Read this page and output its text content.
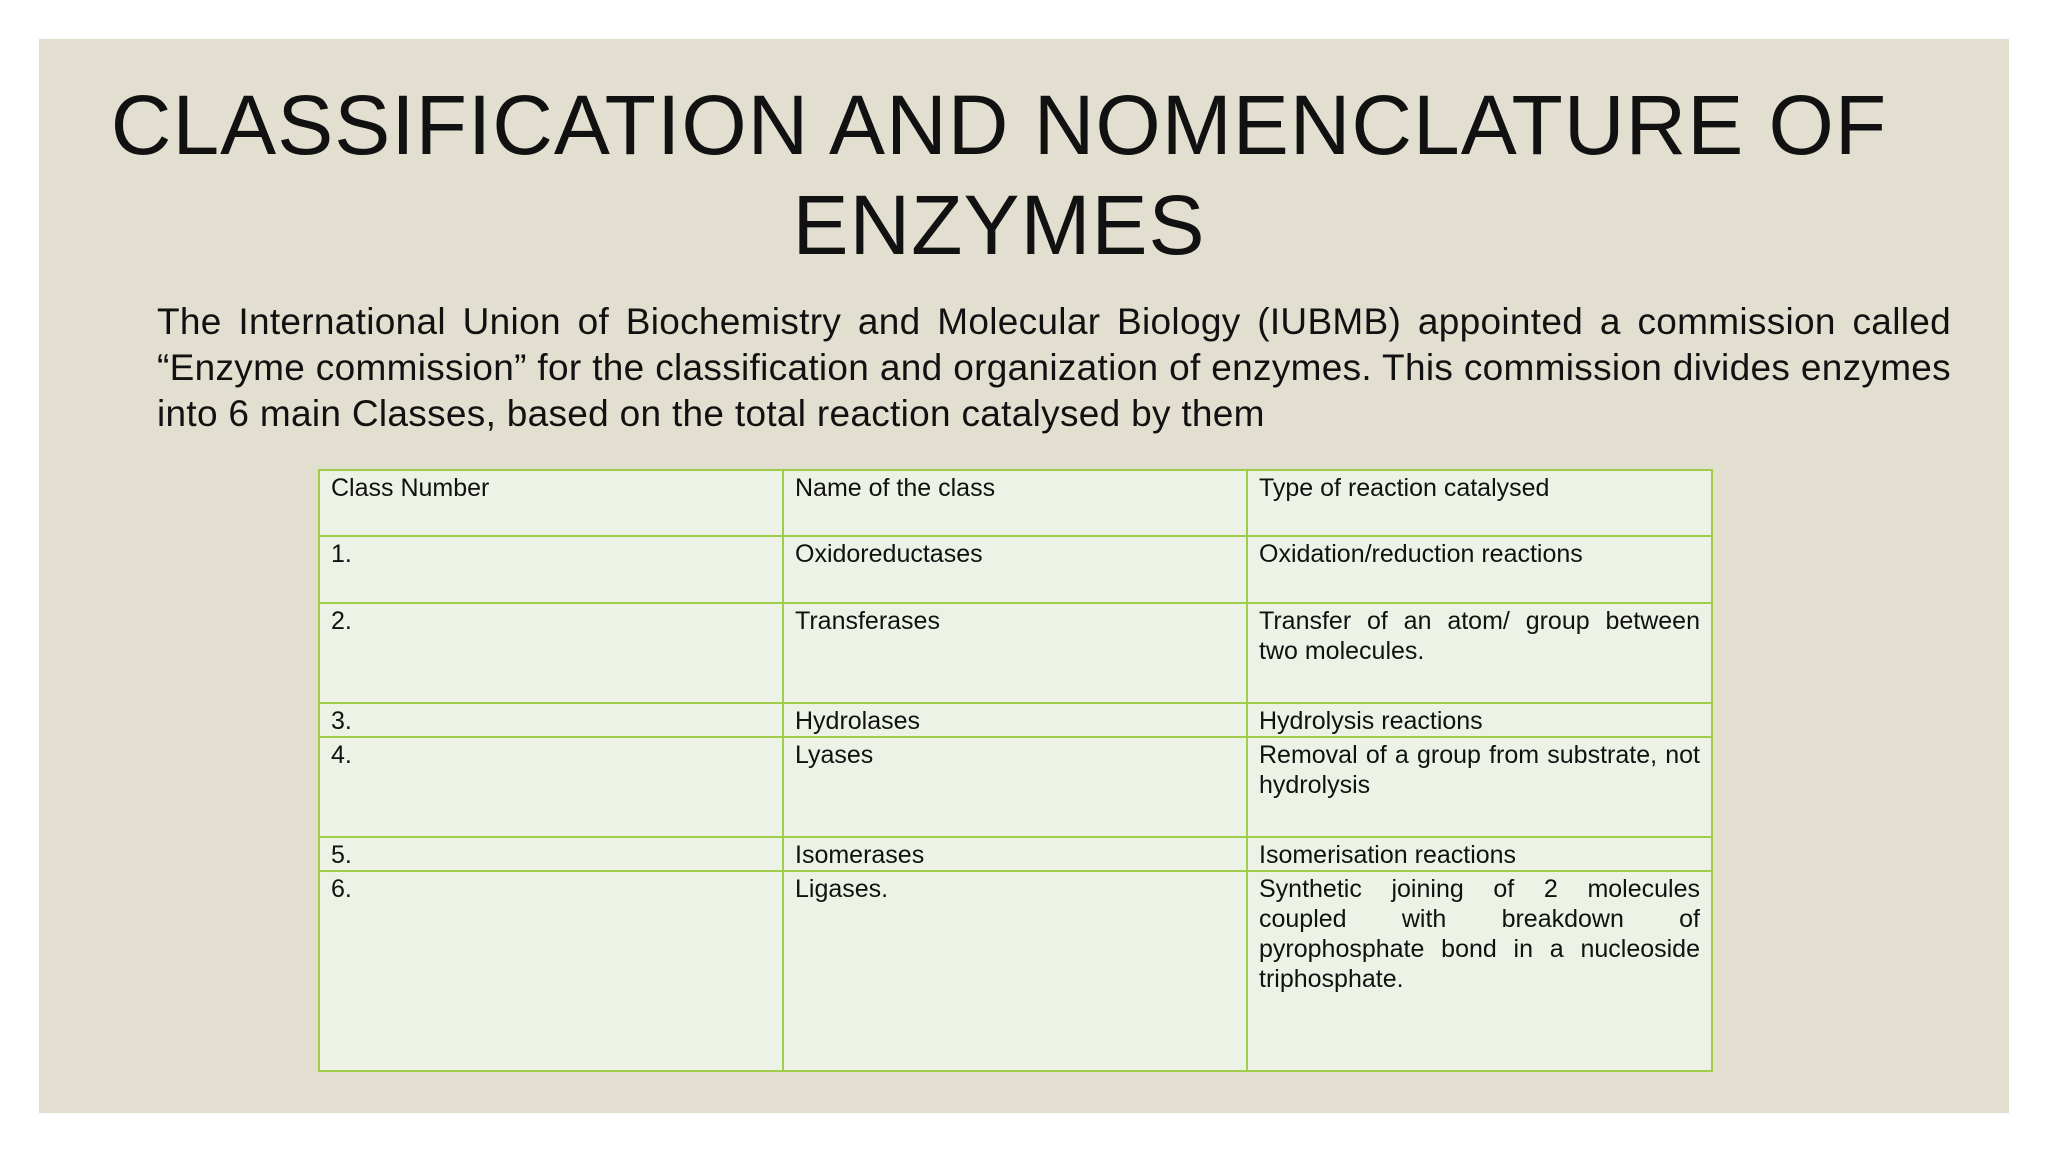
CLASSIFICATION AND NOMENCLATURE OF ENZYMES

The International Union of Biochemistry and Molecular Biology (IUBMB) appointed a commission called “Enzyme commission” for the classification and organization of enzymes. This commission divides enzymes into 6 main Classes, based on the total reaction catalysed by them

Class Number	Name of the class	Type of reaction catalysed
1.	Oxidoreductases	Oxidation/reduction reactions
2.	Transferases	Transfer of an atom/ group between two molecules.
3.	Hydrolases	Hydrolysis reactions
4.	Lyases	Removal of a group from substrate, not hydrolysis
5.	Isomerases	Isomerisation reactions
6.	Ligases.	Synthetic joining of 2 molecules coupled with breakdown of pyrophosphate bond in a nucleoside triphosphate.
